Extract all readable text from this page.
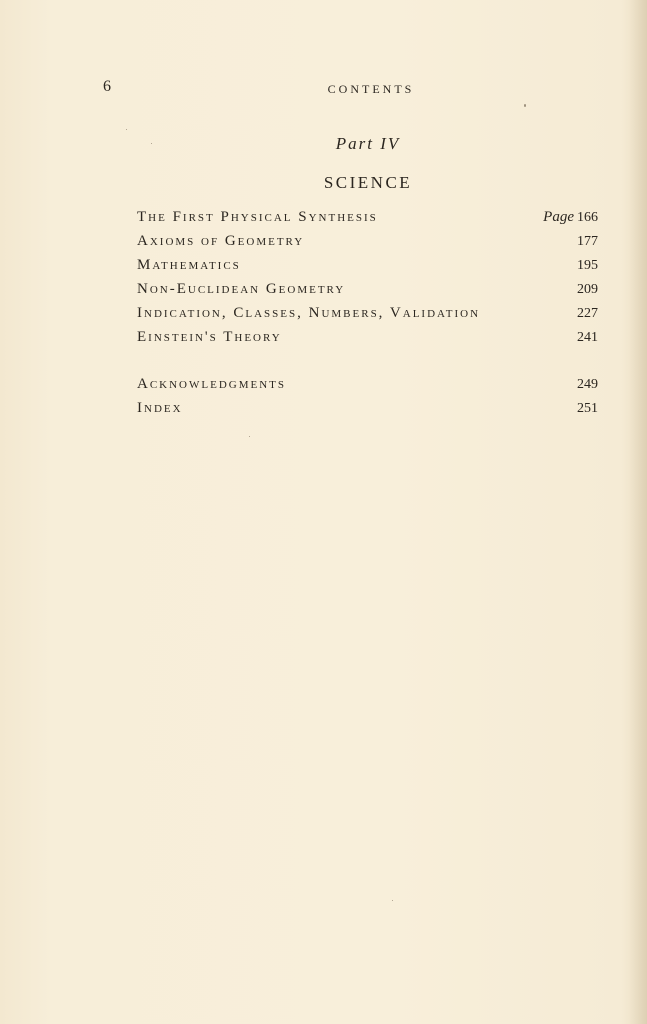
6	CONTENTS
Part IV
SCIENCE
The First Physical Synthesis	Page 166
Axioms of Geometry	177
Mathematics	195
Non-Euclidean Geometry	209
Indication, Classes, Numbers, Validation	227
Einstein's Theory	241
Acknowledgments	249
Index	251
